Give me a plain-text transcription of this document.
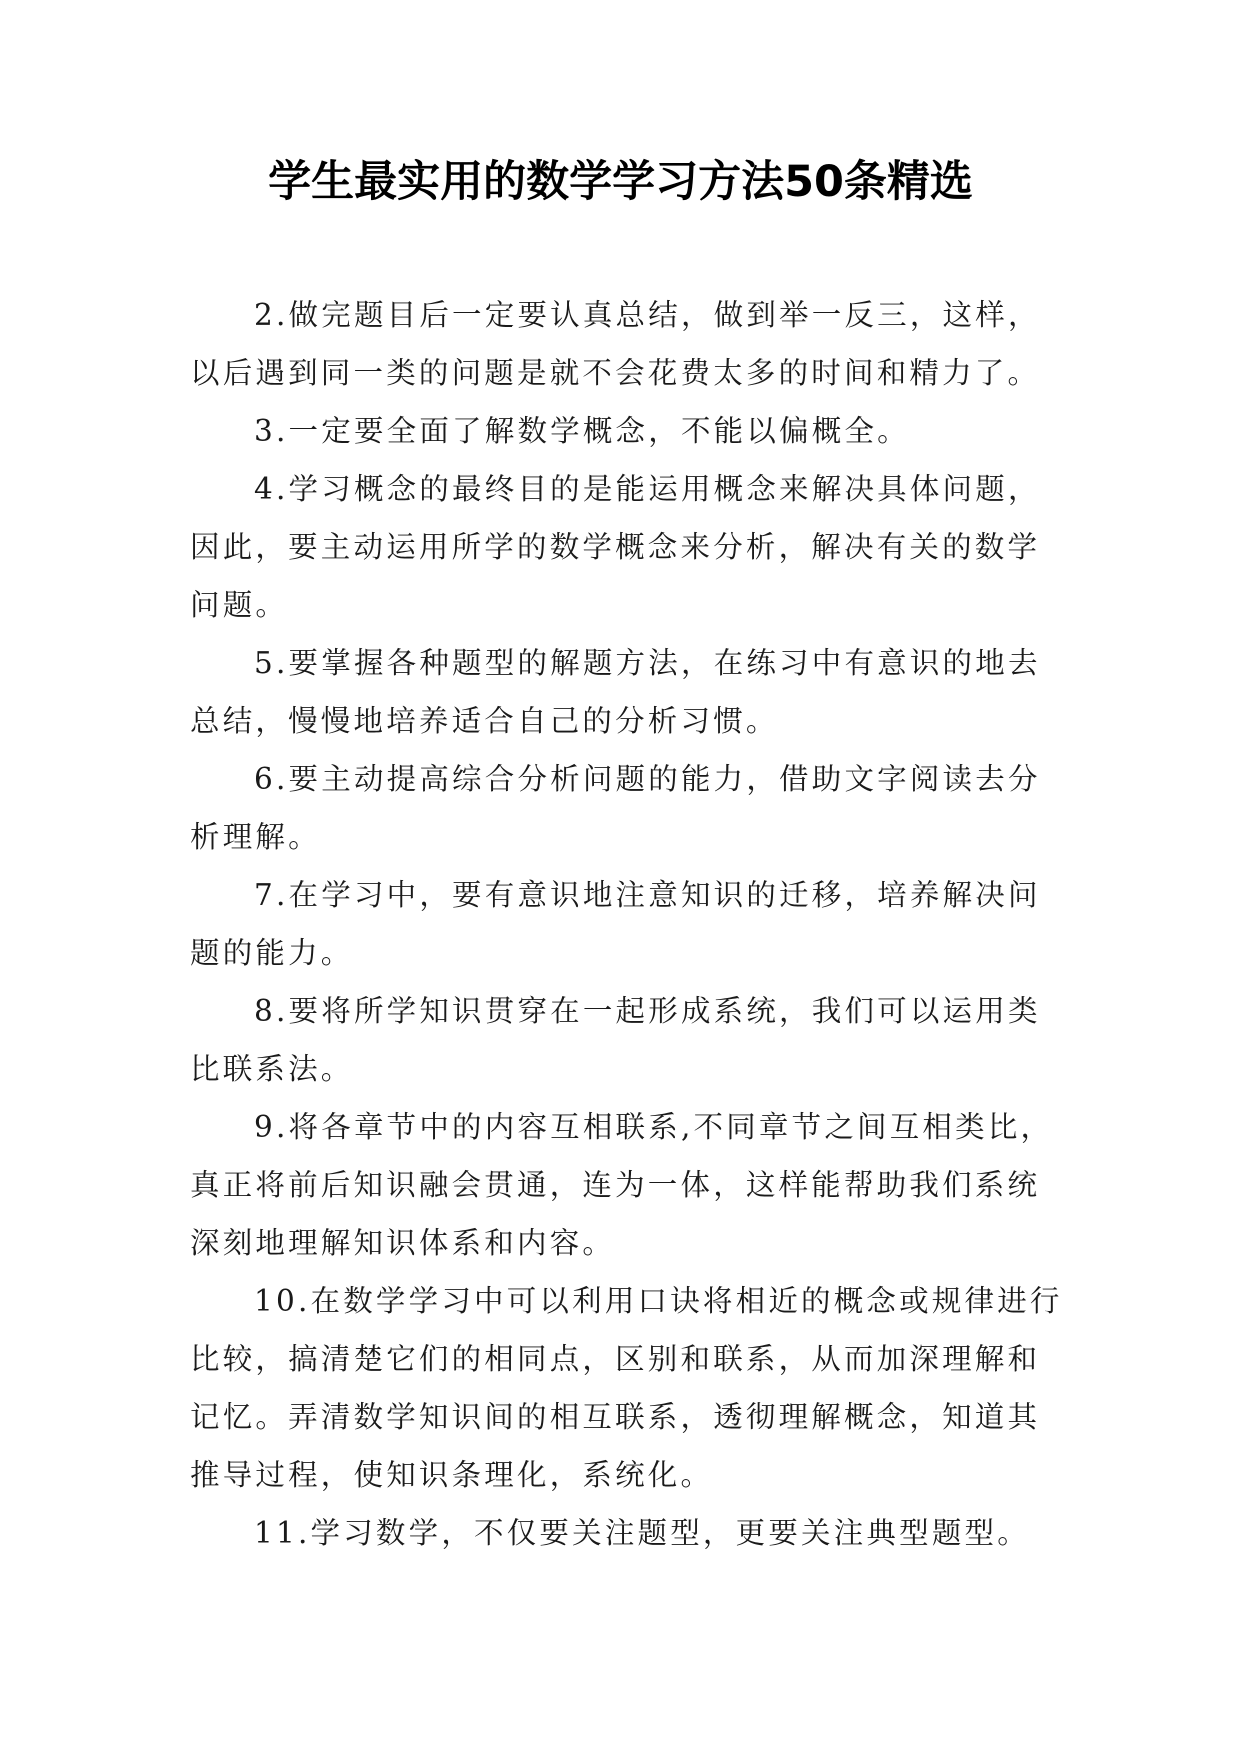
学生最实用的数学学习方法50条精选

2.做完题目后一定要认真总结，做到举一反三，这样，以后遇到同一类的问题是就不会花费太多的时间和精力了。

3.一定要全面了解数学概念，不能以偏概全。

4.学习概念的最终目的是能运用概念来解决具体问题，因此，要主动运用所学的数学概念来分析，解决有关的数学问题。

5.要掌握各种题型的解题方法，在练习中有意识的地去总结，慢慢地培养适合自己的分析习惯。

6.要主动提高综合分析问题的能力，借助文字阅读去分析理解。

7.在学习中，要有意识地注意知识的迁移，培养解决问题的能力。

8.要将所学知识贯穿在一起形成系统，我们可以运用类比联系法。

9.将各章节中的内容互相联系,不同章节之间互相类比，真正将前后知识融会贯通，连为一体，这样能帮助我们系统深刻地理解知识体系和内容。

10.在数学学习中可以利用口诀将相近的概念或规律进行比较，搞清楚它们的相同点，区别和联系，从而加深理解和记忆。弄清数学知识间的相互联系，透彻理解概念，知道其推导过程，使知识条理化，系统化。

11.学习数学，不仅要关注题型，更要关注典型题型。
